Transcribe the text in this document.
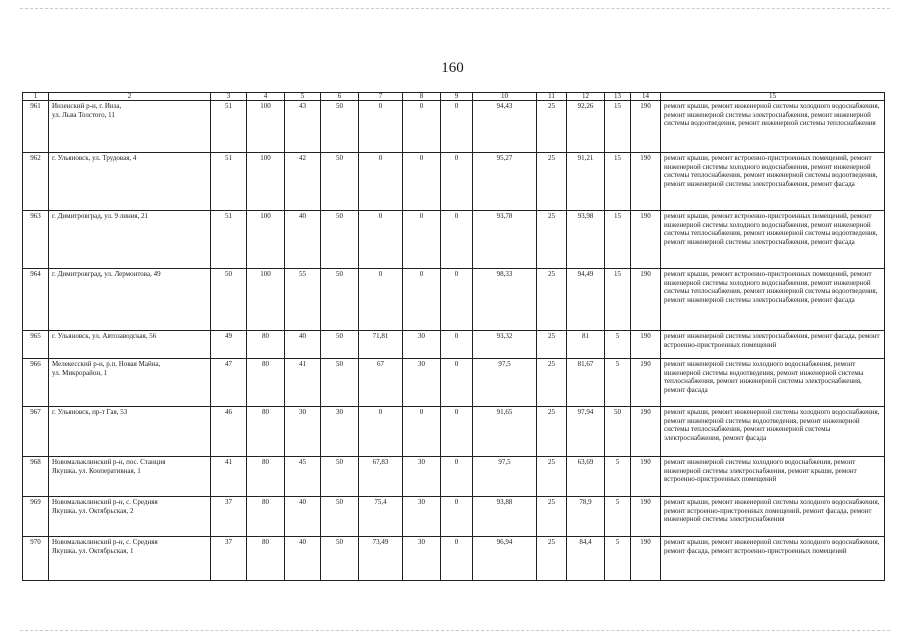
160
1	2	3	4	5	6	7	8	9	10	11	12	13	14	15
961	Инзенский р-н, г. Инза,
ул. Льва Толстого, 11	51	100	43	50	0	0	0	94,43	25	92,26	15	190	ремонт крыши, ремонт инженерной системы холодного водоснабжения, ремонт инженерной системы электроснабжения, ремонт инженерной системы водоотведения, ремонт инженерной системы теплоснабжения
962	г. Ульяновск, ул. Трудовая, 4	51	100	42	50	0	0	0	95,27	25	91,21	15	190	ремонт крыши, ремонт встроенно-пристроенных помещений, ремонт инженерной системы холодного водоснабжения, ремонт инженерной системы теплоснабжения, ремонт инженерной системы водоотведения, ремонт инженерной системы электроснабжения, ремонт фасада
963	г. Димитровград, ул. 9 линия, 21	51	100	40	50	0	0	0	93,78	25	93,98	15	190	ремонт крыши, ремонт встроенно-пристроенных помещений, ремонт инженерной системы холодного водоснабжения, ремонт инженерной системы теплоснабжения, ремонт инженерной системы водоотведения, ремонт инженерной системы электроснабжения, ремонт фасада
964	г. Димитровград, ул. Лермонтова, 49	50	100	55	50	0	0	0	98,33	25	94,49	15	190	ремонт крыши, ремонт встроенно-пристроенных помещений, ремонт инженерной системы холодного водоснабжения, ремонт инженерной системы теплоснабжения, ремонт инженерной системы водоотведения, ремонт инженерной системы электроснабжения, ремонт фасада
965	г. Ульяновск, ул. Автозаводская, 56	49	80	40	50	71,81	30	0	93,32	25	81	5	190	ремонт инженерной системы электроснабжения, ремонт фасада, ремонт встроенно-пристроенных помещений
966	Мелекесский р-н, р.п. Новая Майна,
ул. Микрорайон, 1	47	80	41	50	67	30	0	97,5	25	81,67	5	190	ремонт инженерной системы холодного водоснабжения, ремонт инженерной системы водоотведения, ремонт инженерной системы теплоснабжения, ремонт инженерной системы электроснабжения, ремонт фасада
967	г. Ульяновск, пр-т Гая, 53	46	80	30	30	0	0	0	91,65	25	97,94	50	190	ремонт крыши, ремонт инженерной системы холодного водоснабжения, ремонт инженерной системы водоотведения, ремонт инженерной системы теплоснабжения, ремонт инженерной системы электроснабжения, ремонт фасада
968	Новомалыклинский р-н, пос. Станция
Якушка, ул. Кооперативная, 1	41	80	45	50	67,83	30	0	97,5	25	63,69	5	190	ремонт инженерной системы холодного водоснабжения, ремонт инженерной системы электроснабжения, ремонт крыши, ремонт встроенно-пристроенных помещений
969	Новомалыклинский р-н, с. Средняя
Якушка, ул. Октябрьская, 2	37	80	40	50	75,4	30	0	93,88	25	78,9	5	190	ремонт крыши, ремонт инженерной системы холодного водоснабжения, ремонт встроенно-пристроенных помещений, ремонт фасада, ремонт инженерной системы электроснабжения
970	Новомалыклинский р-н, с. Средняя
Якушка, ул. Октябрьская, 1	37	80	40	50	73,49	30	0	96,94	25	84,4	5	190	ремонт крыши, ремонт инженерной системы холодного водоснабжения, ремонт фасада, ремонт встроенно-пристроенных помещений
